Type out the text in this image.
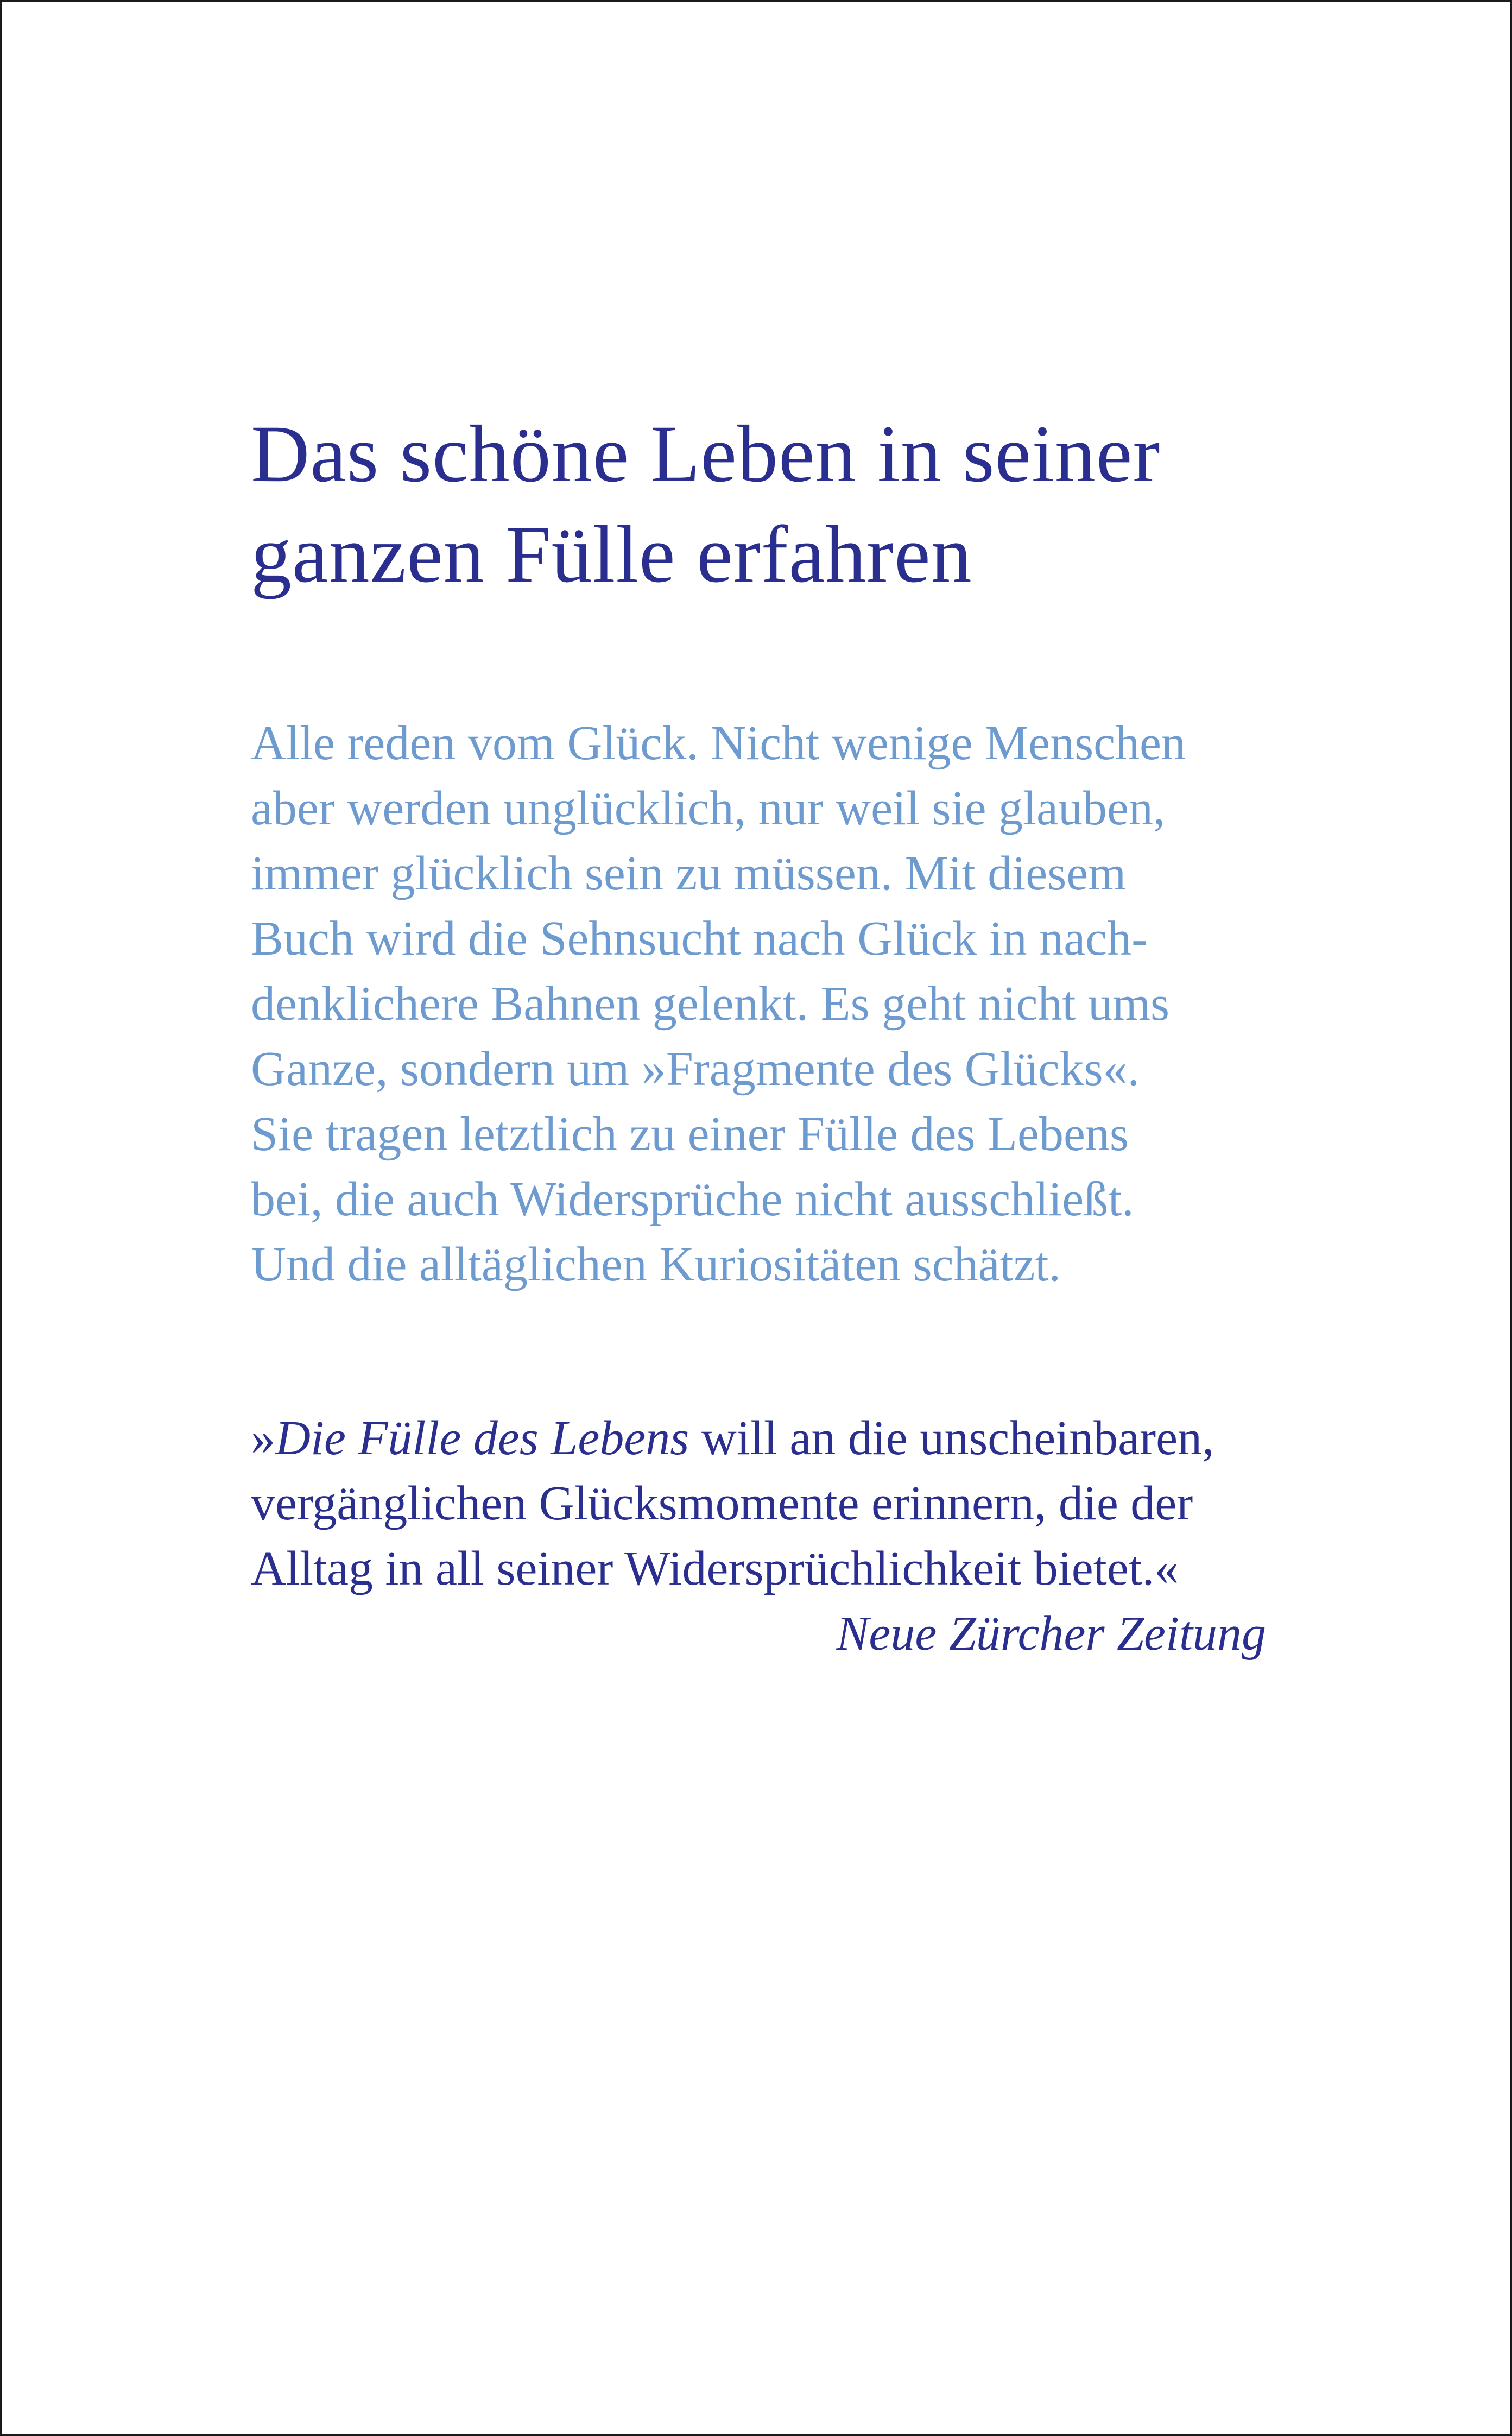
Das schöne Leben in seiner
ganzen Fülle erfahren

Alle reden vom Glück. Nicht wenige Menschen
aber werden unglücklich, nur weil sie glauben,
immer glücklich sein zu müssen. Mit diesem
Buch wird die Sehnsucht nach Glück in nach-
denklichere Bahnen gelenkt. Es geht nicht ums
Ganze, sondern um »Fragmente des Glücks«.
Sie tragen letztlich zu einer Fülle des Lebens
bei, die auch Widersprüche nicht ausschließt.
Und die alltäglichen Kuriositäten schätzt.

»Die Fülle des Lebens will an die unscheinbaren,
vergänglichen Glücksmomente erinnern, die der
Alltag in all seiner Widersprüchlichkeit bietet.«
Neue Zürcher Zeitung
